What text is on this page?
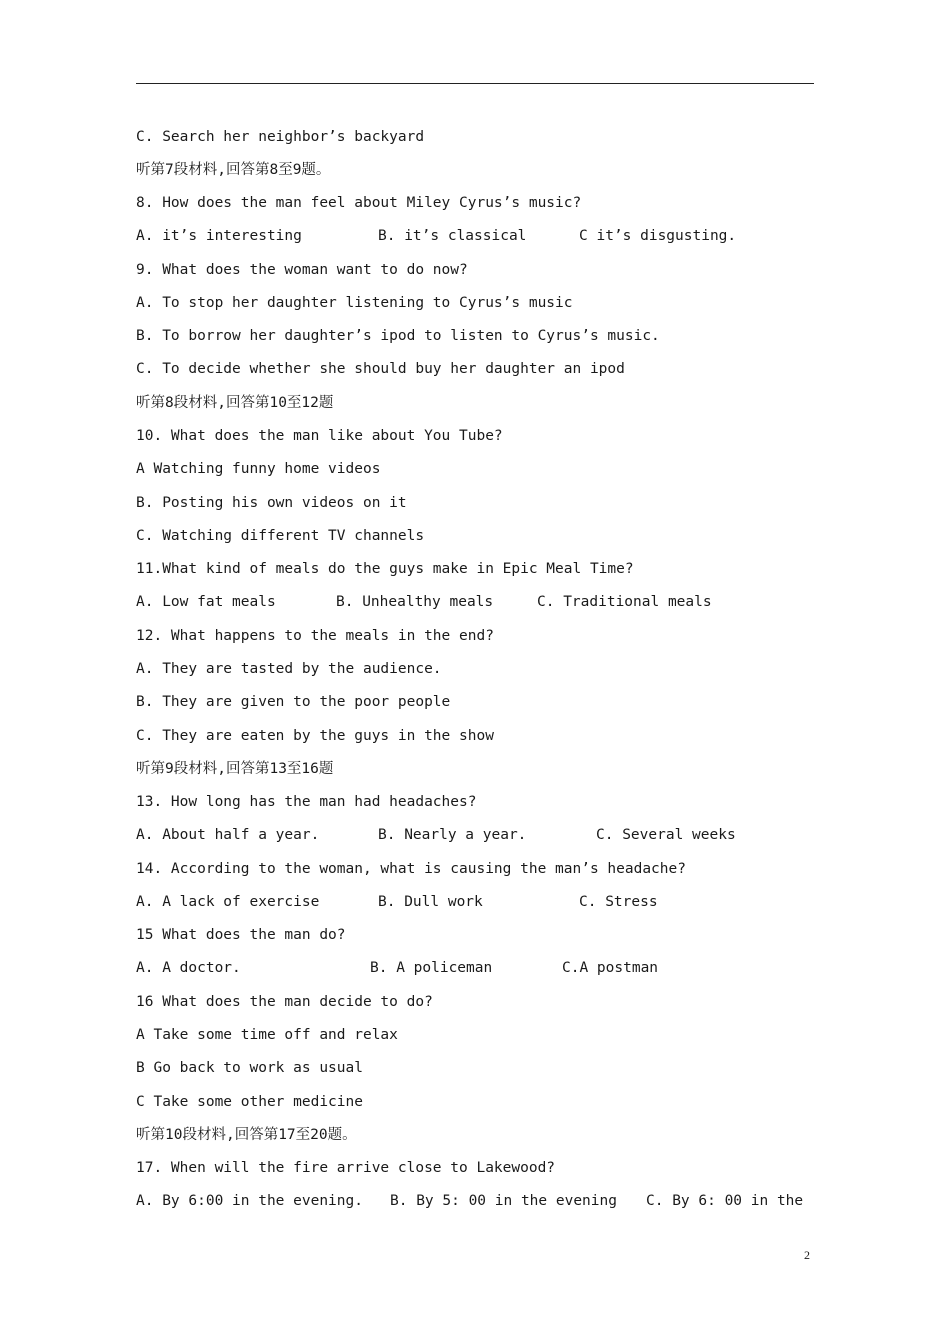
C. Search her neighbor’s backyard
听第7段材料,回答第8至9题。
8. How does the man feel about Miley Cyrus’s music?

A. it’s interesting

	B. it’s classical

	C it’s disgusting.

9. What does the woman want to do now?
A. To stop her daughter listening to Cyrus’s music
B. To borrow her daughter’s ipod to listen to Cyrus’s music.
C. To decide whether she should buy her daughter an ipod
听第8段材料,回答第10至12题
10. What does the man like about You Tube?
A Watching funny home videos
B. Posting his own videos on it
C. Watching different TV channels
11.What kind of meals do the guys make in Epic Meal Time?

A. Low fat meals

	B. Unhealthy meals

	C. Traditional meals

12. What happens to the meals in the end?
A. They are tasted by the audience.
B. They are given to the poor people
C. They are eaten by the guys in the show
听第9段材料,回答第13至16题
13. How long has the man had headaches?

A. About half a year.

	B. Nearly a year.

	C. Several weeks

14. According to the woman, what is causing the man’s headache?

A. A lack of exercise

	B. Dull work

	C. Stress

15 What does the man do?

A. A doctor.

	B. A policeman

	C.A postman

16 What does the man decide to do?
A Take some time off and relax
B Go back to work as usual
C Take some other medicine
听第10段材料,回答第17至20题。
17. When will the fire arrive close to Lakewood?

A. By 6:00 in the evening.

B. By 5: 00 in the evening

C. By 6: 00 in the

2
